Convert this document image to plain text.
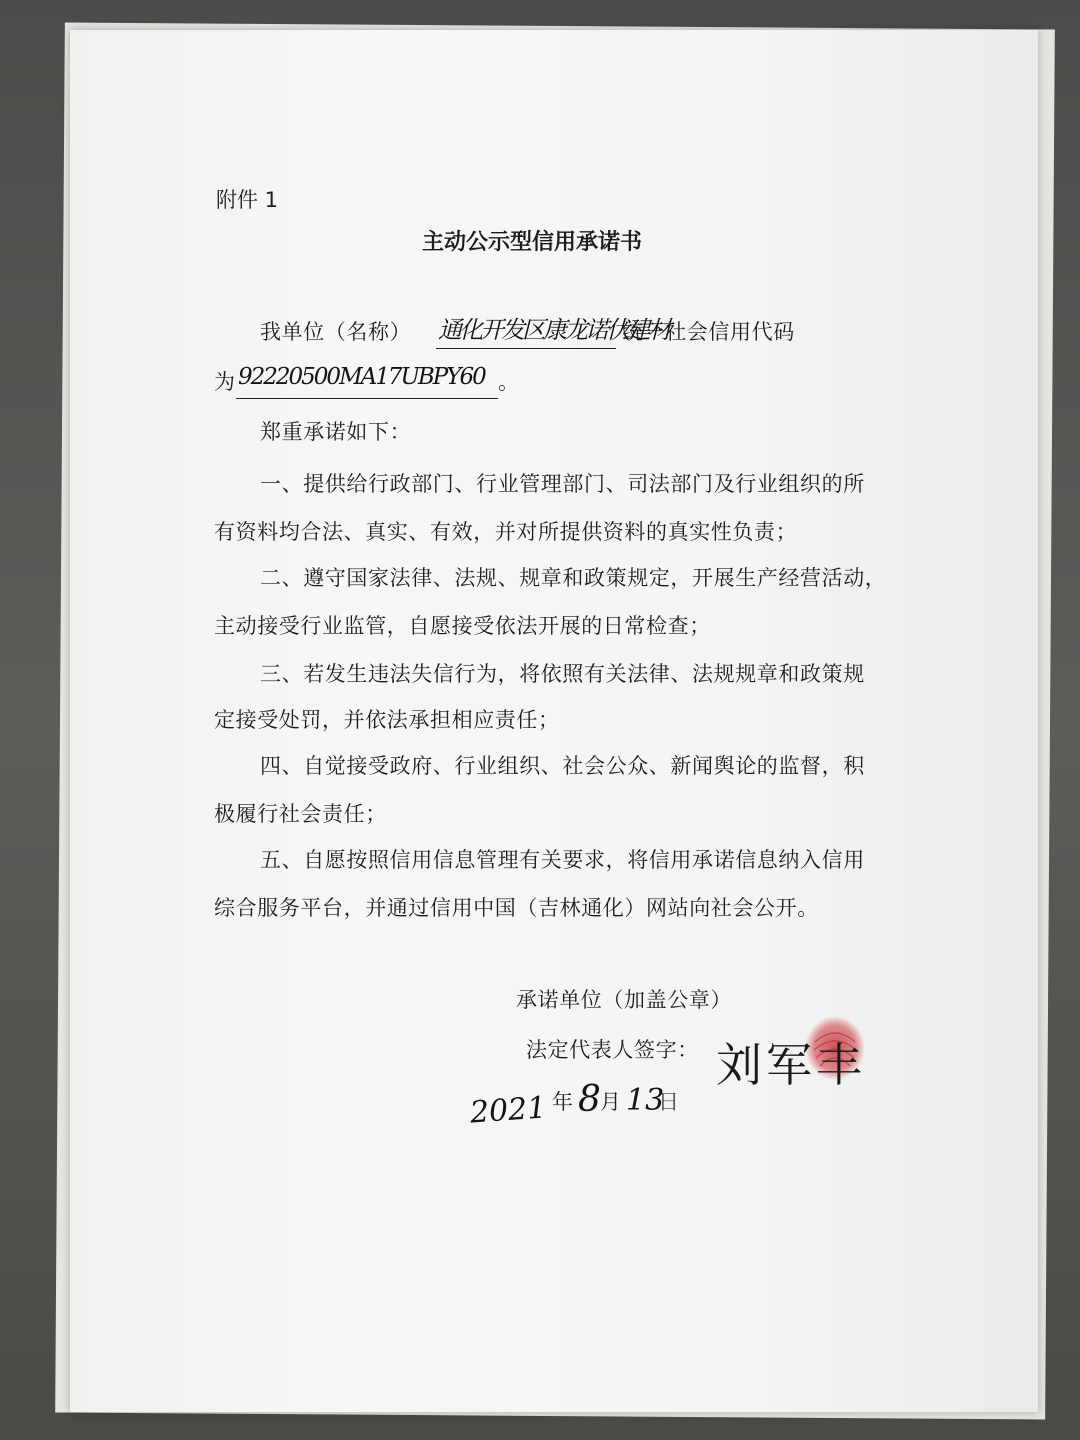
附件 1
主动公示型信用承诺书
我单位（名称） 通化开发区康龙诺伏建材
统一社会信用代码
为 92220500MA17UBPY60 。
郑重承诺如下：
一、提供给行政部门、行业管理部门、司法部门及行业组织的所
有资料均合法、真实、有效，并对所提供资料的真实性负责；
二、遵守国家法律、法规、规章和政策规定，开展生产经营活动，
主动接受行业监管，自愿接受依法开展的日常检查；
三、若发生违法失信行为，将依照有关法律、法规规章和政策规
定接受处罚，并依法承担相应责任；
四、自觉接受政府、行业组织、社会公众、新闻舆论的监督，积
极履行社会责任；
五、自愿按照信用信息管理有关要求，将信用承诺信息纳入信用
综合服务平台，并通过信用中国（吉林通化）网站向社会公开。
承诺单位（加盖公章）
法定代表人签字： 刘军丰
2021 年 8 月 13
日
